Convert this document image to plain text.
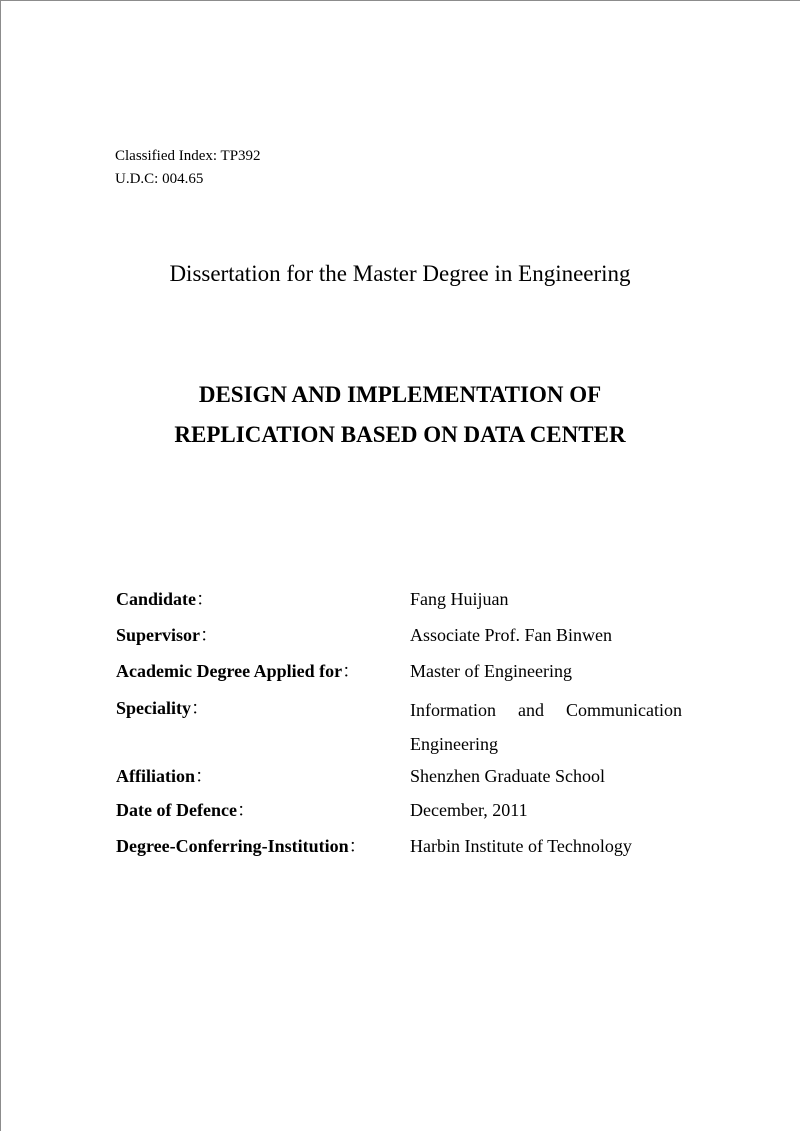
Classified Index: TP392
U.D.C: 004.65
Dissertation for the Master Degree in Engineering
DESIGN AND IMPLEMENTATION OF
REPLICATION BASED ON DATA CENTER
Candidate：	Fang Huijuan
Supervisor：	Associate Prof. Fan Binwen
Academic Degree Applied for：	Master of Engineering
Speciality：	Information and Communication Engineering
Affiliation：	Shenzhen Graduate School
Date of Defence：	December, 2011
Degree-Conferring-Institution：	Harbin Institute of Technology
